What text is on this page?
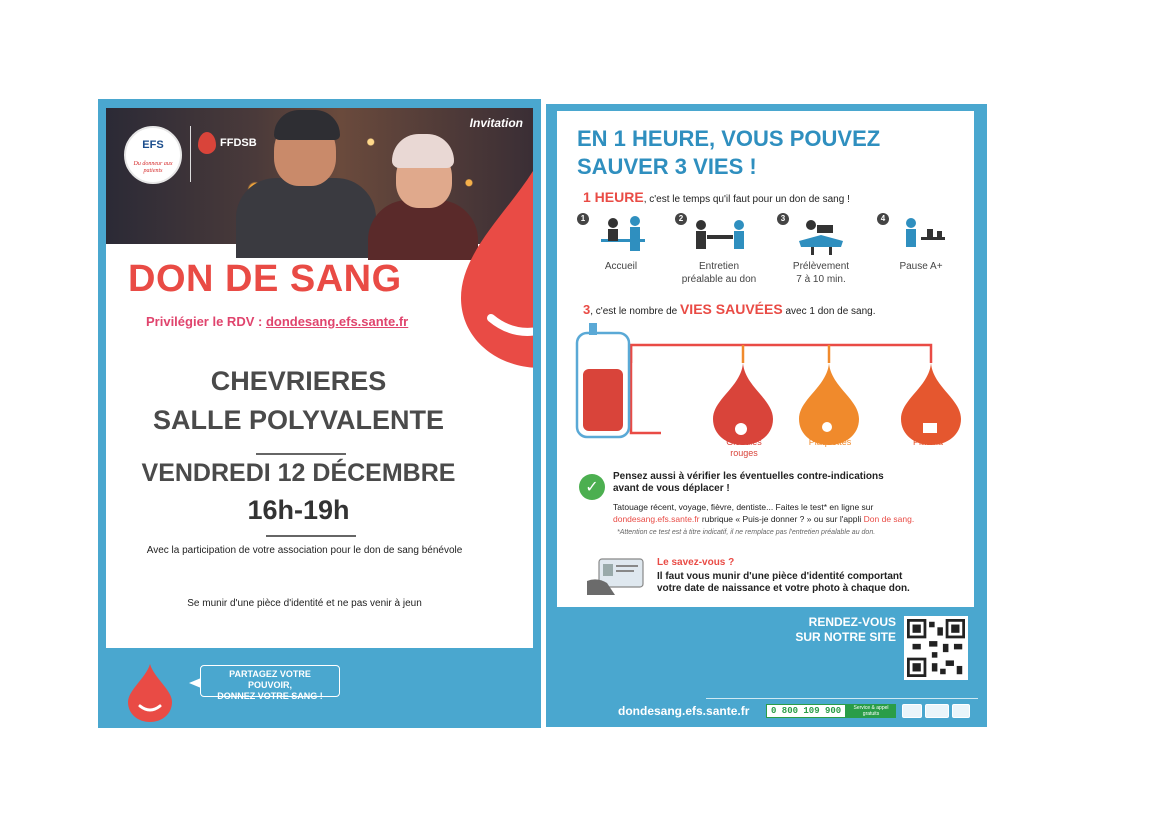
EFS
Du donneur aux patients
FFDSB
Invitation
DON DE SANG
Privilégier le RDV : dondesang.efs.sante.fr
CHEVRIERES
SALLE POLYVALENTE
VENDREDI 12 DÉCEMBRE
16h-19h
Avec la participation de votre association pour le don de sang bénévole
Se munir d'une pièce d'identité et ne pas venir à jeun
PARTAGEZ VOTRE POUVOIR,
DONNEZ VOTRE SANG !
EN 1 HEURE, VOUS POUVEZ
SAUVER 3 VIES !
1 HEURE, c'est le temps qu'il faut pour un don de sang !
1
Accueil
2
Entretien
préalable au don
3
Prélèvement
7 à 10 min.
4
Pause A+
3, c'est le nombre de VIES SAUVÉES avec 1 don de sang.
Globules
rouges
Plaquettes	Plasma
✓
Pensez aussi à vérifier les éventuelles contre-indications
avant de vous déplacer !
Tatouage récent, voyage, fièvre, dentiste... Faites le test* en ligne sur
dondesang.efs.sante.fr rubrique « Puis-je donner ? » ou sur l'appli Don de sang.
*Attention ce test est à titre indicatif, il ne remplace pas l'entretien préalable au don.
Le savez-vous ?
Il faut vous munir d'une pièce d'identité comportant
votre date de naissance et votre photo à chaque don.
RENDEZ-VOUS
SUR NOTRE SITE
dondesang.efs.sante.fr	0 800 109 900	Service & appel gratuits
